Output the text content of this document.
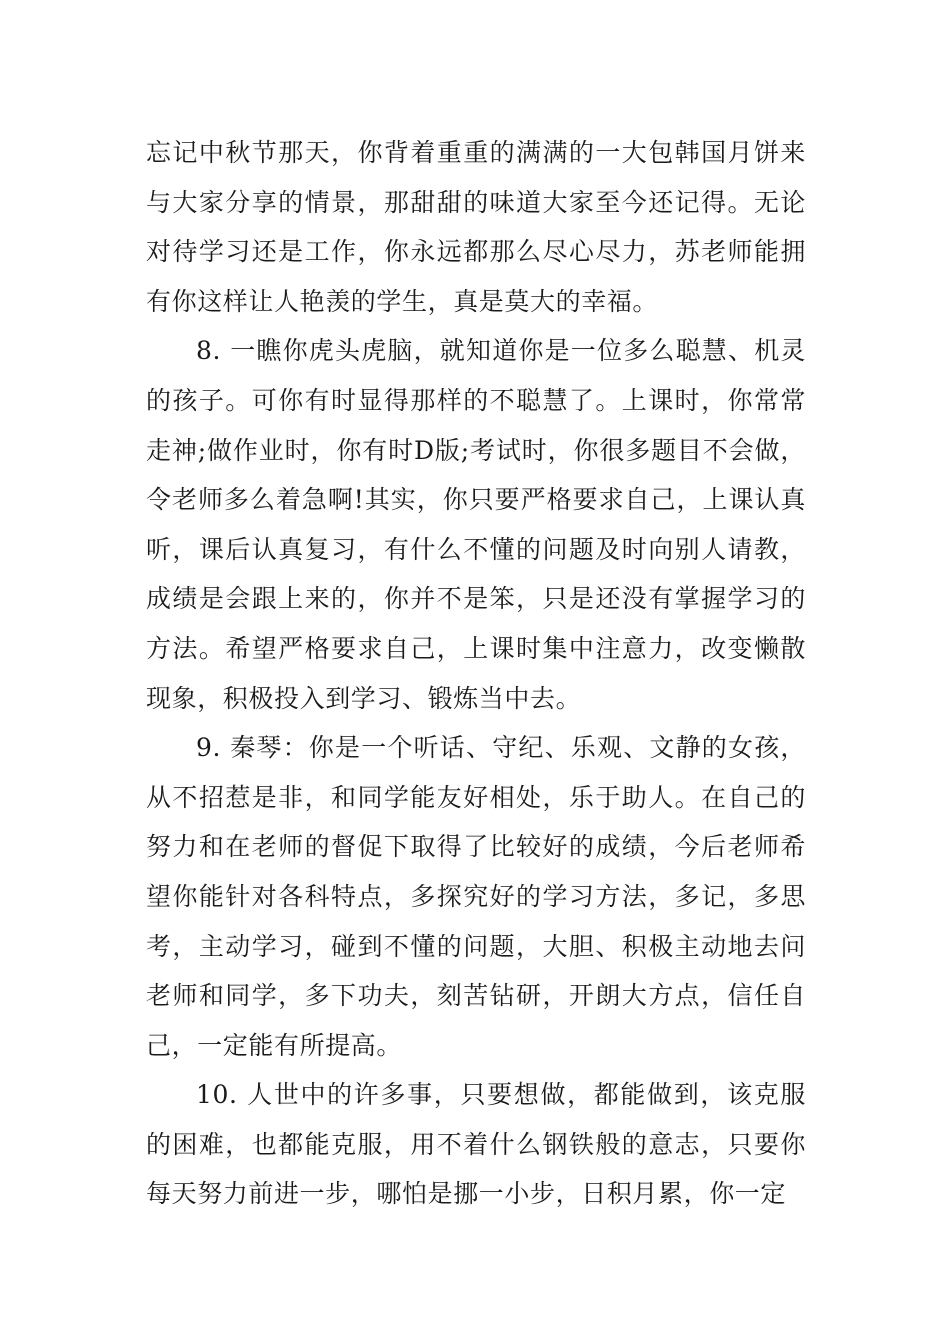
忘记中秋节那天，你背着重重的满满的一大包韩国月饼来与大家分享的情景，那甜甜的味道大家至今还记得。无论对待学习还是工作，你永远都那么尽心尽力，苏老师能拥有你这样让人艳羡的学生，真是莫大的幸福。

8. 一瞧你虎头虎脑，就知道你是一位多么聪慧、机灵的孩子。可你有时显得那样的不聪慧了。上课时，你常常走神;做作业时，你有时D版;考试时，你很多题目不会做，令老师多么着急啊!其实，你只要严格要求自己，上课认真听，课后认真复习，有什么不懂的问题及时向别人请教，成绩是会跟上来的，你并不是笨，只是还没有掌握学习的方法。希望严格要求自己，上课时集中注意力，改变懒散现象，积极投入到学习、锻炼当中去。

9. 秦琴：你是一个听话、守纪、乐观、文静的女孩，从不招惹是非，和同学能友好相处，乐于助人。在自己的努力和在老师的督促下取得了比较好的成绩，今后老师希望你能针对各科特点，多探究好的学习方法，多记，多思考，主动学习，碰到不懂的问题，大胆、积极主动地去问老师和同学，多下功夫，刻苦钻研，开朗大方点，信任自己，一定能有所提高。

10. 人世中的许多事，只要想做，都能做到，该克服的困难，也都能克服，用不着什么钢铁般的意志，只要你每天努力前进一步，哪怕是挪一小步，日积月累，你一定
